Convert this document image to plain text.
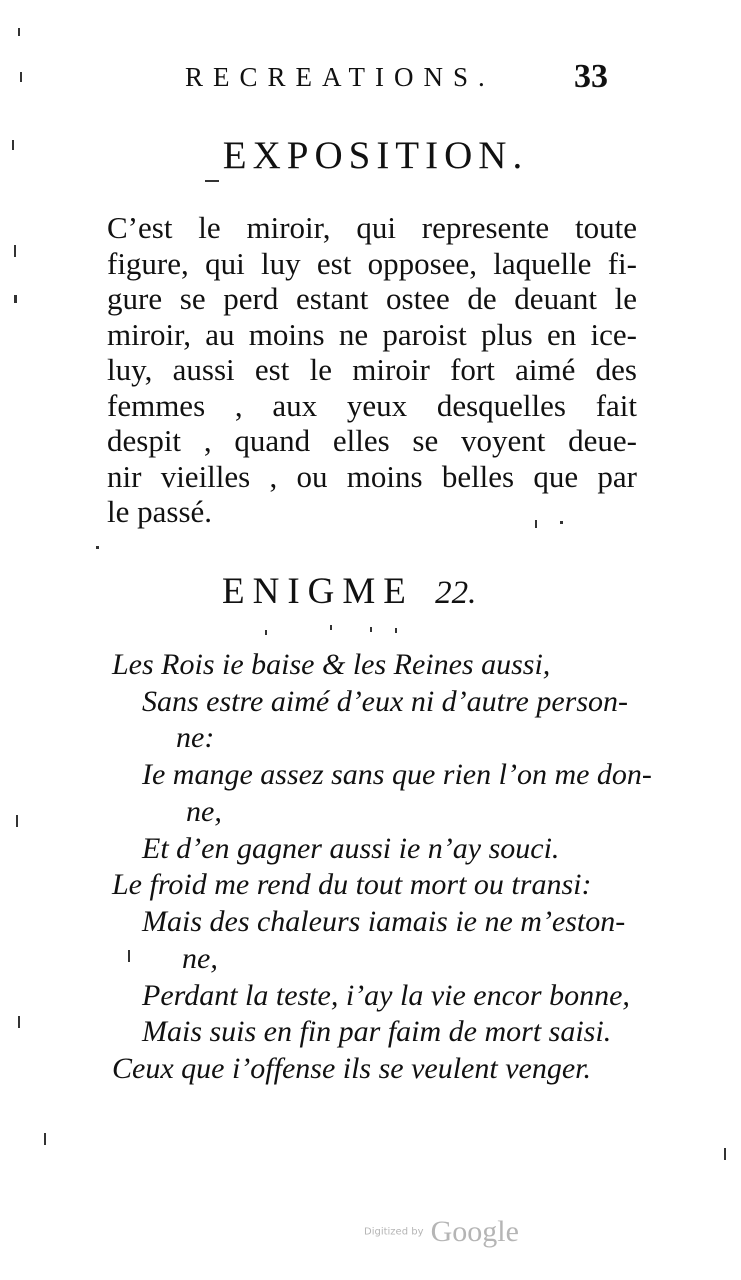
RECREATIONS.	33
EXPOSITION.
C’est le miroir, qui represente toute
figure, qui luy est opposee, laquelle fi-
gure se perd estant ostee de deuant le
miroir, au moins ne paroist plus en ice-
luy, aussi est le miroir fort aimé des
femmes , aux yeux desquelles fait
despit , quand elles se voyent deue-
nir vieilles , ou moins belles que par
le passé.
ENIGME 22.
Les Rois ie baise & les Reines aussi,
Sans estre aimé d’eux ni d’autre person-
ne:
Ie mange assez sans que rien l’on me don-
ne,
Et d’en gagner aussi ie n’ay souci.
Le froid me rend du tout mort ou transi:
Mais des chaleurs iamais ie ne m’eston-
ne,
Perdant la teste, i’ay la vie encor bonne,
Mais suis en fin par faim de mort saisi.
Ceux que i’offense ils se veulent venger.
Digitized by Google
